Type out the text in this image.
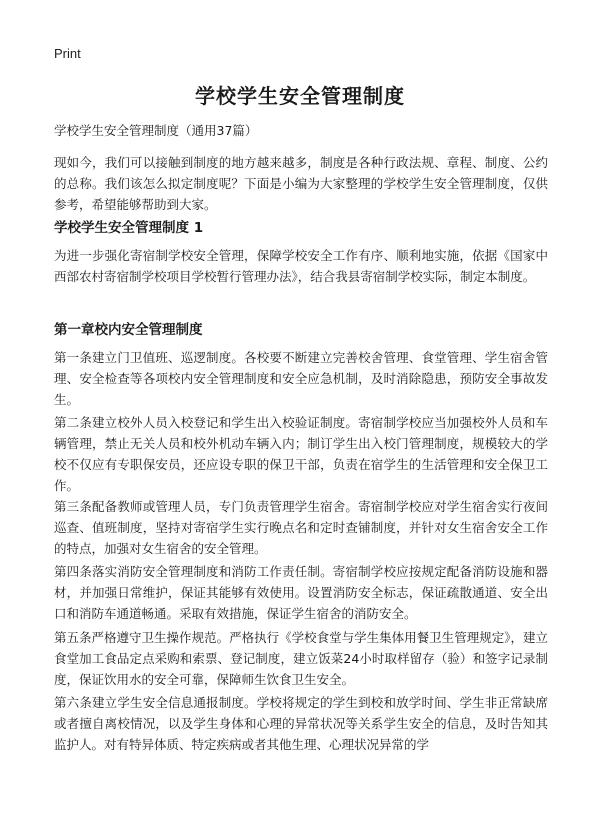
Print
学校学生安全管理制度

学校学生安全管理制度（通用37篇）

现如今，我们可以接触到制度的地方越来越多，制度是各种行政法规、章程、制度、公约的总称。我们该怎么拟定制度呢？下面是小编为大家整理的学校学生安全管理制度，仅供参考，希望能够帮助到大家。

学校学生安全管理制度 1

为进一步强化寄宿制学校安全管理，保障学校安全工作有序、顺利地实施，依据《国家中西部农村寄宿制学校项目学校暂行管理办法》，结合我县寄宿制学校实际，制定本制度。

第一章校内安全管理制度

第一条建立门卫值班、巡逻制度。各校要不断建立完善校舍管理、食堂管理、学生宿舍管理、安全检查等各项校内安全管理制度和安全应急机制，及时消除隐患，预防安全事故发生。

第二条建立校外人员入校登记和学生出入校验证制度。寄宿制学校应当加强校外人员和车辆管理，禁止无关人员和校外机动车辆入内；制订学生出入校门管理制度，规模较大的学校不仅应有专职保安员，还应设专职的保卫干部，负责在宿学生的生活管理和安全保卫工作。

第三条配备教师或管理人员，专门负责管理学生宿舍。寄宿制学校应对学生宿舍实行夜间巡查、值班制度，坚持对寄宿学生实行晚点名和定时查铺制度，并针对女生宿舍安全工作的特点，加强对女生宿舍的安全管理。

第四条落实消防安全管理制度和消防工作责任制。寄宿制学校应按规定配备消防设施和器材，并加强日常维护，保证其能够有效使用。设置消防安全标志，保证疏散通道、安全出口和消防车通道畅通。采取有效措施，保证学生宿舍的消防安全。

第五条严格遵守卫生操作规范。严格执行《学校食堂与学生集体用餐卫生管理规定》，建立食堂加工食品定点采购和索票、登记制度，建立饭菜24小时取样留存（验）和签字记录制度，保证饮用水的安全可靠，保障师生饮食卫生安全。

第六条建立学生安全信息通报制度。学校将规定的学生到校和放学时间、学生非正常缺席或者擅自离校情况，以及学生身体和心理的异常状况等关系学生安全的信息，及时告知其监护人。对有特异体质、特定疾病或者其他生理、心理状况异常的学
